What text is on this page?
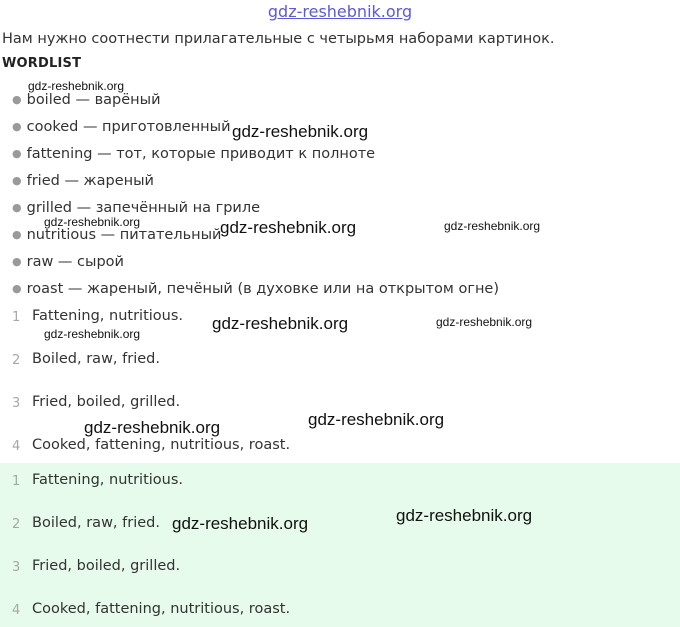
gdz-reshebnik.org
Нам нужно соотнести прилагательные с четырьмя наборами картинок.
WORDLIST
● boiled — варёный
● cooked — приготовленный
● fattening — тот, которые приводит к полноте
● fried — жареный
● grilled — запечённый на гриле
● nutritious — питательный
● raw — сырой
● roast — жареный, печёный (в духовке или на открытом огне)
1 Fattening, nutritious.
2 Boiled, raw, fried.
3 Fried, boiled, grilled.
4 Cooked, fattening, nutritious, roast.
1 Fattening, nutritious.
2 Boiled, raw, fried.
3 Fried, boiled, grilled.
4 Cooked, fattening, nutritious, roast.
gdz-reshebnik.org
gdz-reshebnik.org
gdz-reshebnik.org	gdz-reshebnik.org	gdz-reshebnik.org
gdz-reshebnik.org	gdz-reshebnik.org
gdz-reshebnik.org
gdz-reshebnik.org
gdz-reshebnik.org
gdz-reshebnik.org
gdz-reshebnik.org
